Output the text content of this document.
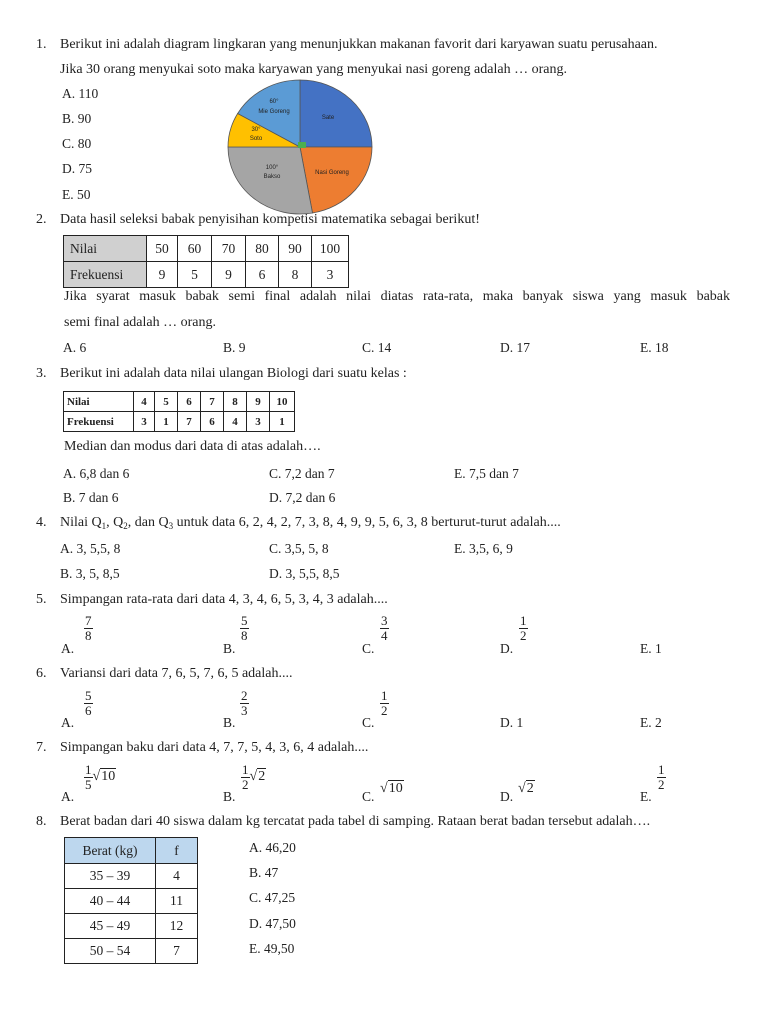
1. Berikut ini adalah diagram lingkaran yang menunjukkan makanan favorit dari karyawan suatu perusahaan.
Jika 30 orang menyukai soto maka karyawan yang menyukai nasi goreng adalah … orang.
A. 110
B. 90
C. 80
D. 75
E. 50
60°
Mie Goreng
Sate
30°
Soto
100°
Bakso
Nasi Goreng
2. Data hasil seleksi babak penyisihan kompetisi matematika sebagai berikut!
Nilai	50	60	70	80	90	100
Frekuensi	9	5	9	6	8	3
Jika syarat masuk babak semi final adalah nilai diatas rata-rata, maka banyak siswa yang masuk babak
semi final adalah … orang.
A. 6	B. 9	C. 14	D. 17	E. 18
3. Berikut ini adalah data nilai ulangan Biologi dari suatu kelas :
Nilai	4	5	6	7	8	9	10
Frekuensi	3	1	7	6	4	3	1
Median dan modus dari data di atas adalah….
A. 6,8 dan 6	C. 7,2 dan 7	E. 7,5 dan 7
B. 7 dan 6	D. 7,2 dan 6
4. Nilai $Q_1$, $Q_2$, dan $Q_3$ untuk data 6, 2, 4, 2, 7, 3, 8, 4, 9, 9, 5, 6, 3, 8 berturut-turut adalah....
A. 3, 5,5, 8	C. 3,5, 5, 8	E. 3,5, 6, 9
B. 3, 5, 8,5	D. 3, 5,5, 8,5
5. Simpangan rata-rata dari data 4, 3, 4, 6, 5, 3, 4, 3 adalah....
A.
$\frac{7}{8}$
B.
$\frac{5}{8}$
C.
$\frac{3}{4}$
D.
$\frac{1}{2}$
E. 1
6. Variansi dari data 7, 6, 5, 7, 6, 5 adalah....
A.
$\frac{5}{6}$
B.
$\frac{2}{3}$
C.
$\frac{1}{2}$
D. 1	E. 2
7. Simpangan baku dari data 4, 7, 7, 5, 4, 3, 6, 4 adalah....
A.
$\frac{1}{5} √10$
B.
$\frac{1}{2} √2$
C.
√10
D.
√2
E.
$\frac{1}{2}$
8. Berat badan dari 40 siswa dalam kg tercatat pada tabel di samping. Rataan berat badan tersebut adalah….
Berat (kg)	f
35 – 39	4
40 – 44	11
45 – 49	12
50 – 54	7
A. 46,20
B. 47
C. 47,25
D. 47,50
E. 49,50
